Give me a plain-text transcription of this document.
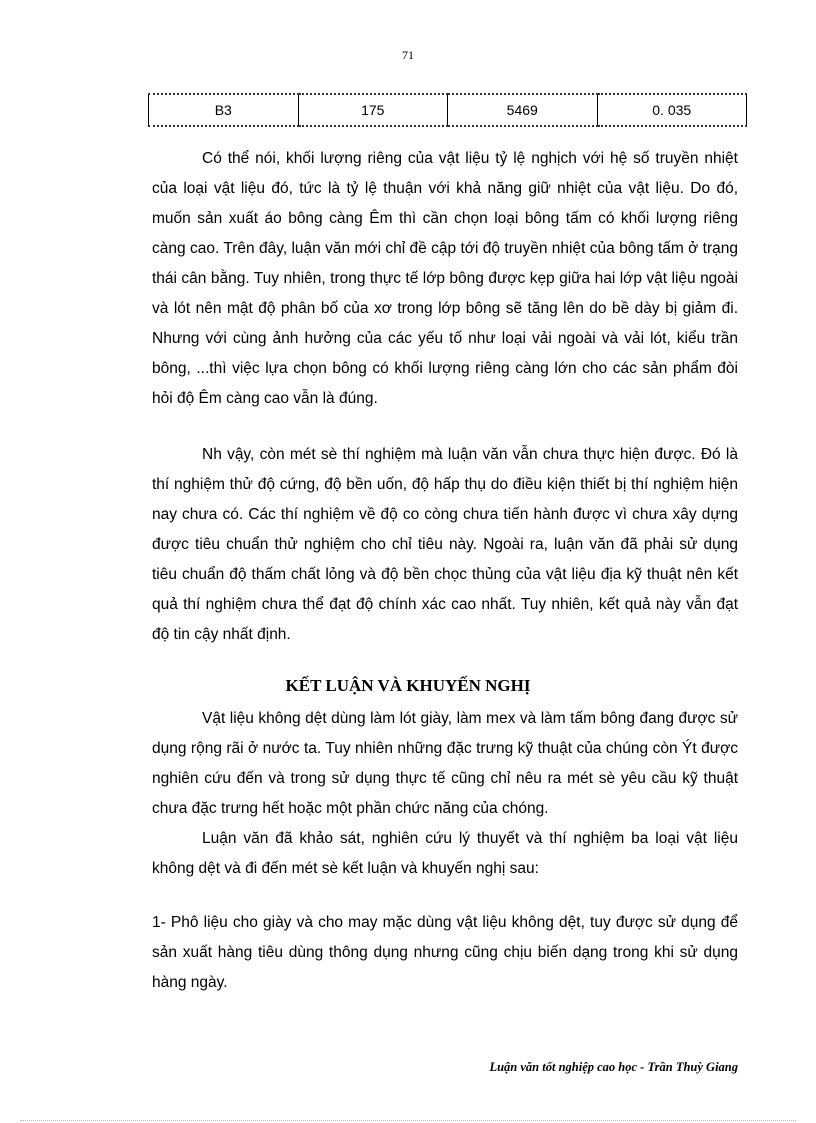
71
B3	175	5469	0. 035

Có thể nói, khối lượng riêng của vật liệu tỷ lệ nghịch với hệ số truyền nhiệt của loại vật liệu đó, tức là tỷ lệ thuận với khả năng giữ nhiệt của vật liệu. Do đó, muốn sản xuất áo bông càng Êm thì cần chọn loại bông tấm có khối lượng riêng càng cao. Trên đây, luận văn mới chỉ đề cập tới độ truyền nhiệt của bông tấm ở trạng thái cân bằng. Tuy nhiên, trong thực tế lớp bông được kẹp giữa hai lớp vật liệu ngoài và lót nên mật độ phân bố của xơ trong lớp bông sẽ tăng lên do bề dày bị giảm đi. Nhưng với cùng ảnh hưởng của các yếu tố như loại vải ngoài và vải lót, kiểu trần bông, ...thì việc lựa chọn bông có khối lượng riêng càng lớn cho các sản phẩm đòi hỏi độ Êm càng cao vẫn là đúng.

Nh vậy, còn mét sè thí nghiệm mà luận văn vẫn chưa thực hiện được. Đó là thí nghiệm thử độ cứng, độ bền uốn, độ hấp thụ do điều kiện thiết bị thí nghiệm hiện nay chưa có. Các thí nghiệm về độ co còng chưa tiến hành được vì chưa xây dựng được tiêu chuẩn thử nghiệm cho chỉ tiêu này. Ngoài ra, luận văn đã phải sử dụng tiêu chuẩn độ thấm chất lỏng và độ bền chọc thủng của vật liệu địa kỹ thuật nên kết quả thí nghiệm chưa thể đạt độ chính xác cao nhất. Tuy nhiên, kết quả này vẫn đạt độ tin cậy nhất định.

KẾT LUẬN VÀ KHUYẾN NGHỊ

Vật liệu không dệt dùng làm lót giày, làm mex và làm tấm bông đang được sử dụng rộng rãi ở nước ta. Tuy nhiên những đặc trưng kỹ thuật của chúng còn Ýt được nghiên cứu đến và trong sử dụng thực tế cũng chỉ nêu ra mét sè yêu cầu kỹ thuật chưa đặc trưng hết hoặc một phần chức năng của chóng.

Luận văn đã khảo sát, nghiên cứu lý thuyết và thí nghiệm ba loại vật liệu không dệt và đi đến mét sè kết luận và khuyến nghị sau:

1- Phô liệu cho giày và cho may mặc dùng vật liệu không dệt, tuy được sử dụng để sản xuất hàng tiêu dùng thông dụng nhưng cũng chịu biến dạng trong khi sử dụng hàng ngày.

Luận văn tốt nghiệp cao học - Trần Thuỳ Giang
